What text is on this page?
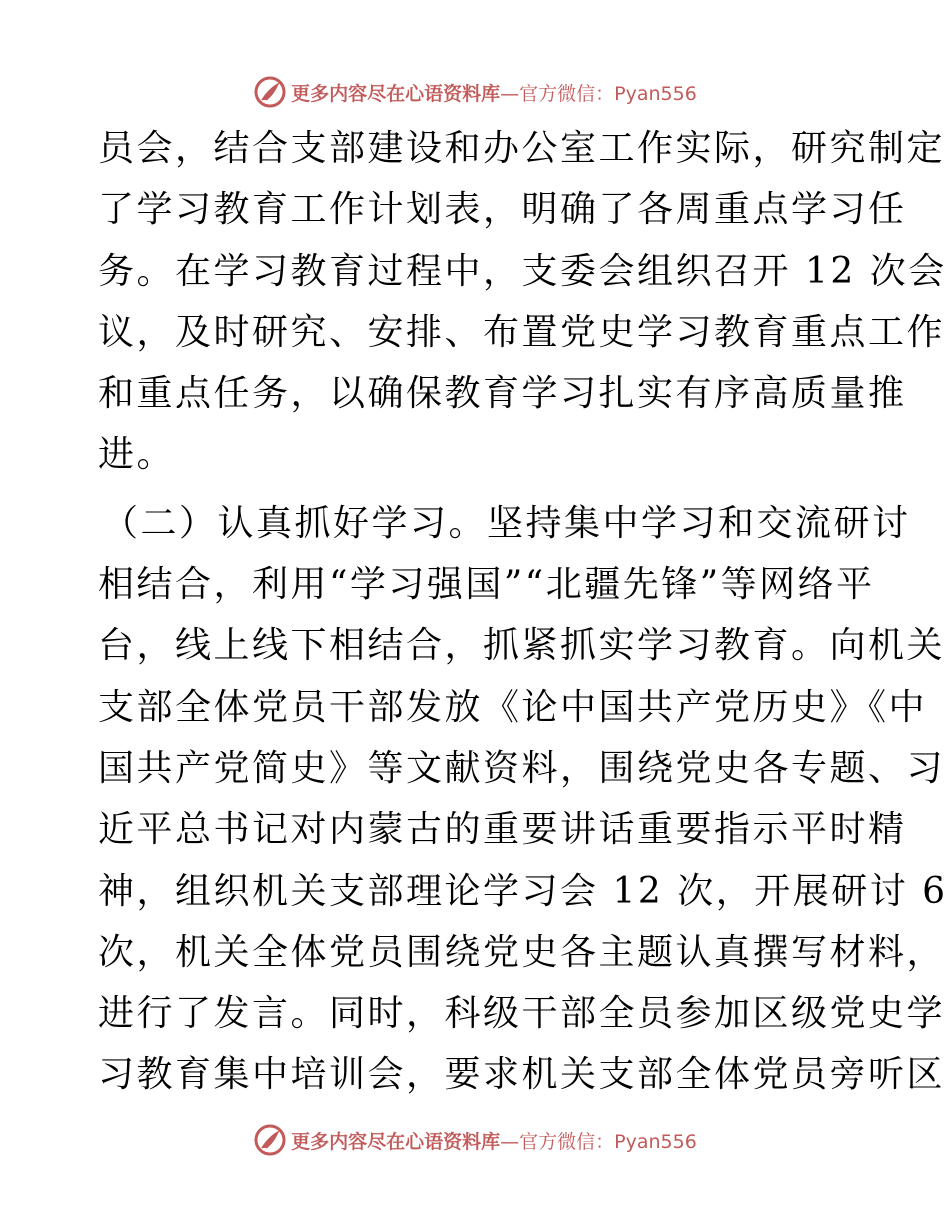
更多内容尽在心语资料库 —官方微信：Pyan556
员会，结合支部建设和办公室工作实际，研究制定
了学习教育工作计划表，明确了各周重点学习任
务。在学习教育过程中，支委会组织召开 12 次会
议，及时研究、安排、布置党史学习教育重点工作
和重点任务，以确保教育学习扎实有序高质量推
进。
（二）认真抓好学习。坚持集中学习和交流研讨
相结合，利用“学习强国”“北疆先锋”等网络平
台，线上线下相结合，抓紧抓实学习教育。向机关
支部全体党员干部发放《论中国共产党历史》《中
国共产党简史》等文献资料，围绕党史各专题、习
近平总书记对内蒙古的重要讲话重要指示平时精
神，组织机关支部理论学习会 12 次，开展研讨 6
次，机关全体党员围绕党史各主题认真撰写材料，
进行了发言。同时，科级干部全员参加区级党史学
习教育集中培训会，要求机关支部全体党员旁听区
更多内容尽在心语资料库 —官方微信：Pyan556
